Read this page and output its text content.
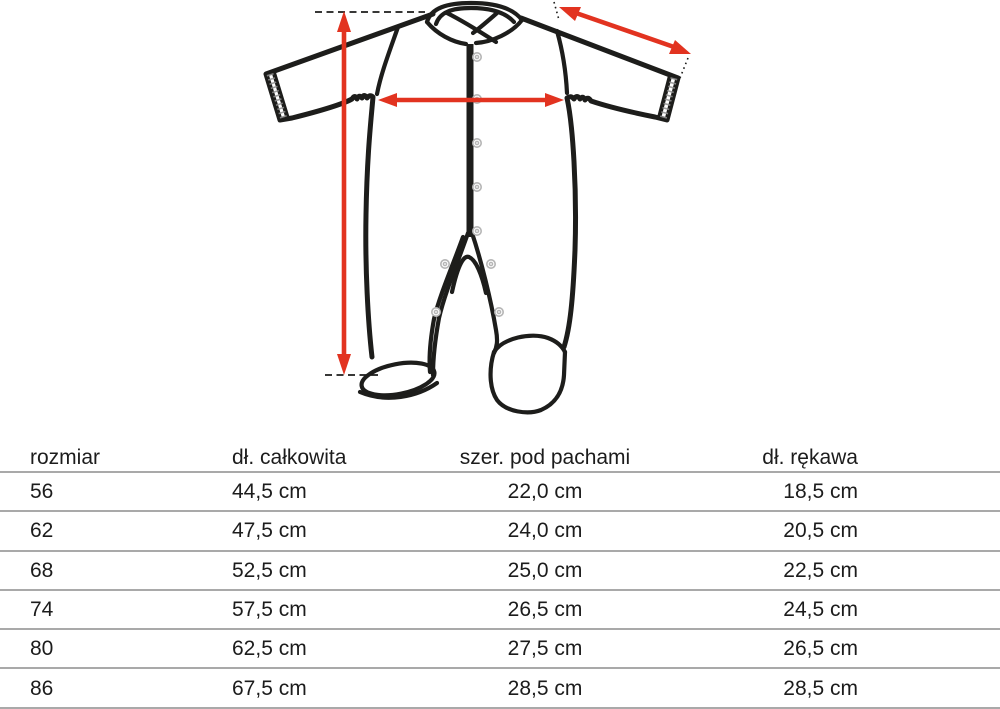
rozmiar	dł. całkowita	szer. pod pachami	dł. rękawa
56	44,5 cm	22,0 cm	18,5 cm
62	47,5 cm	24,0 cm	20,5 cm
68	52,5 cm	25,0 cm	22,5 cm
74	57,5 cm	26,5 cm	24,5 cm
80	62,5 cm	27,5 cm	26,5 cm
86	67,5 cm	28,5 cm	28,5 cm
